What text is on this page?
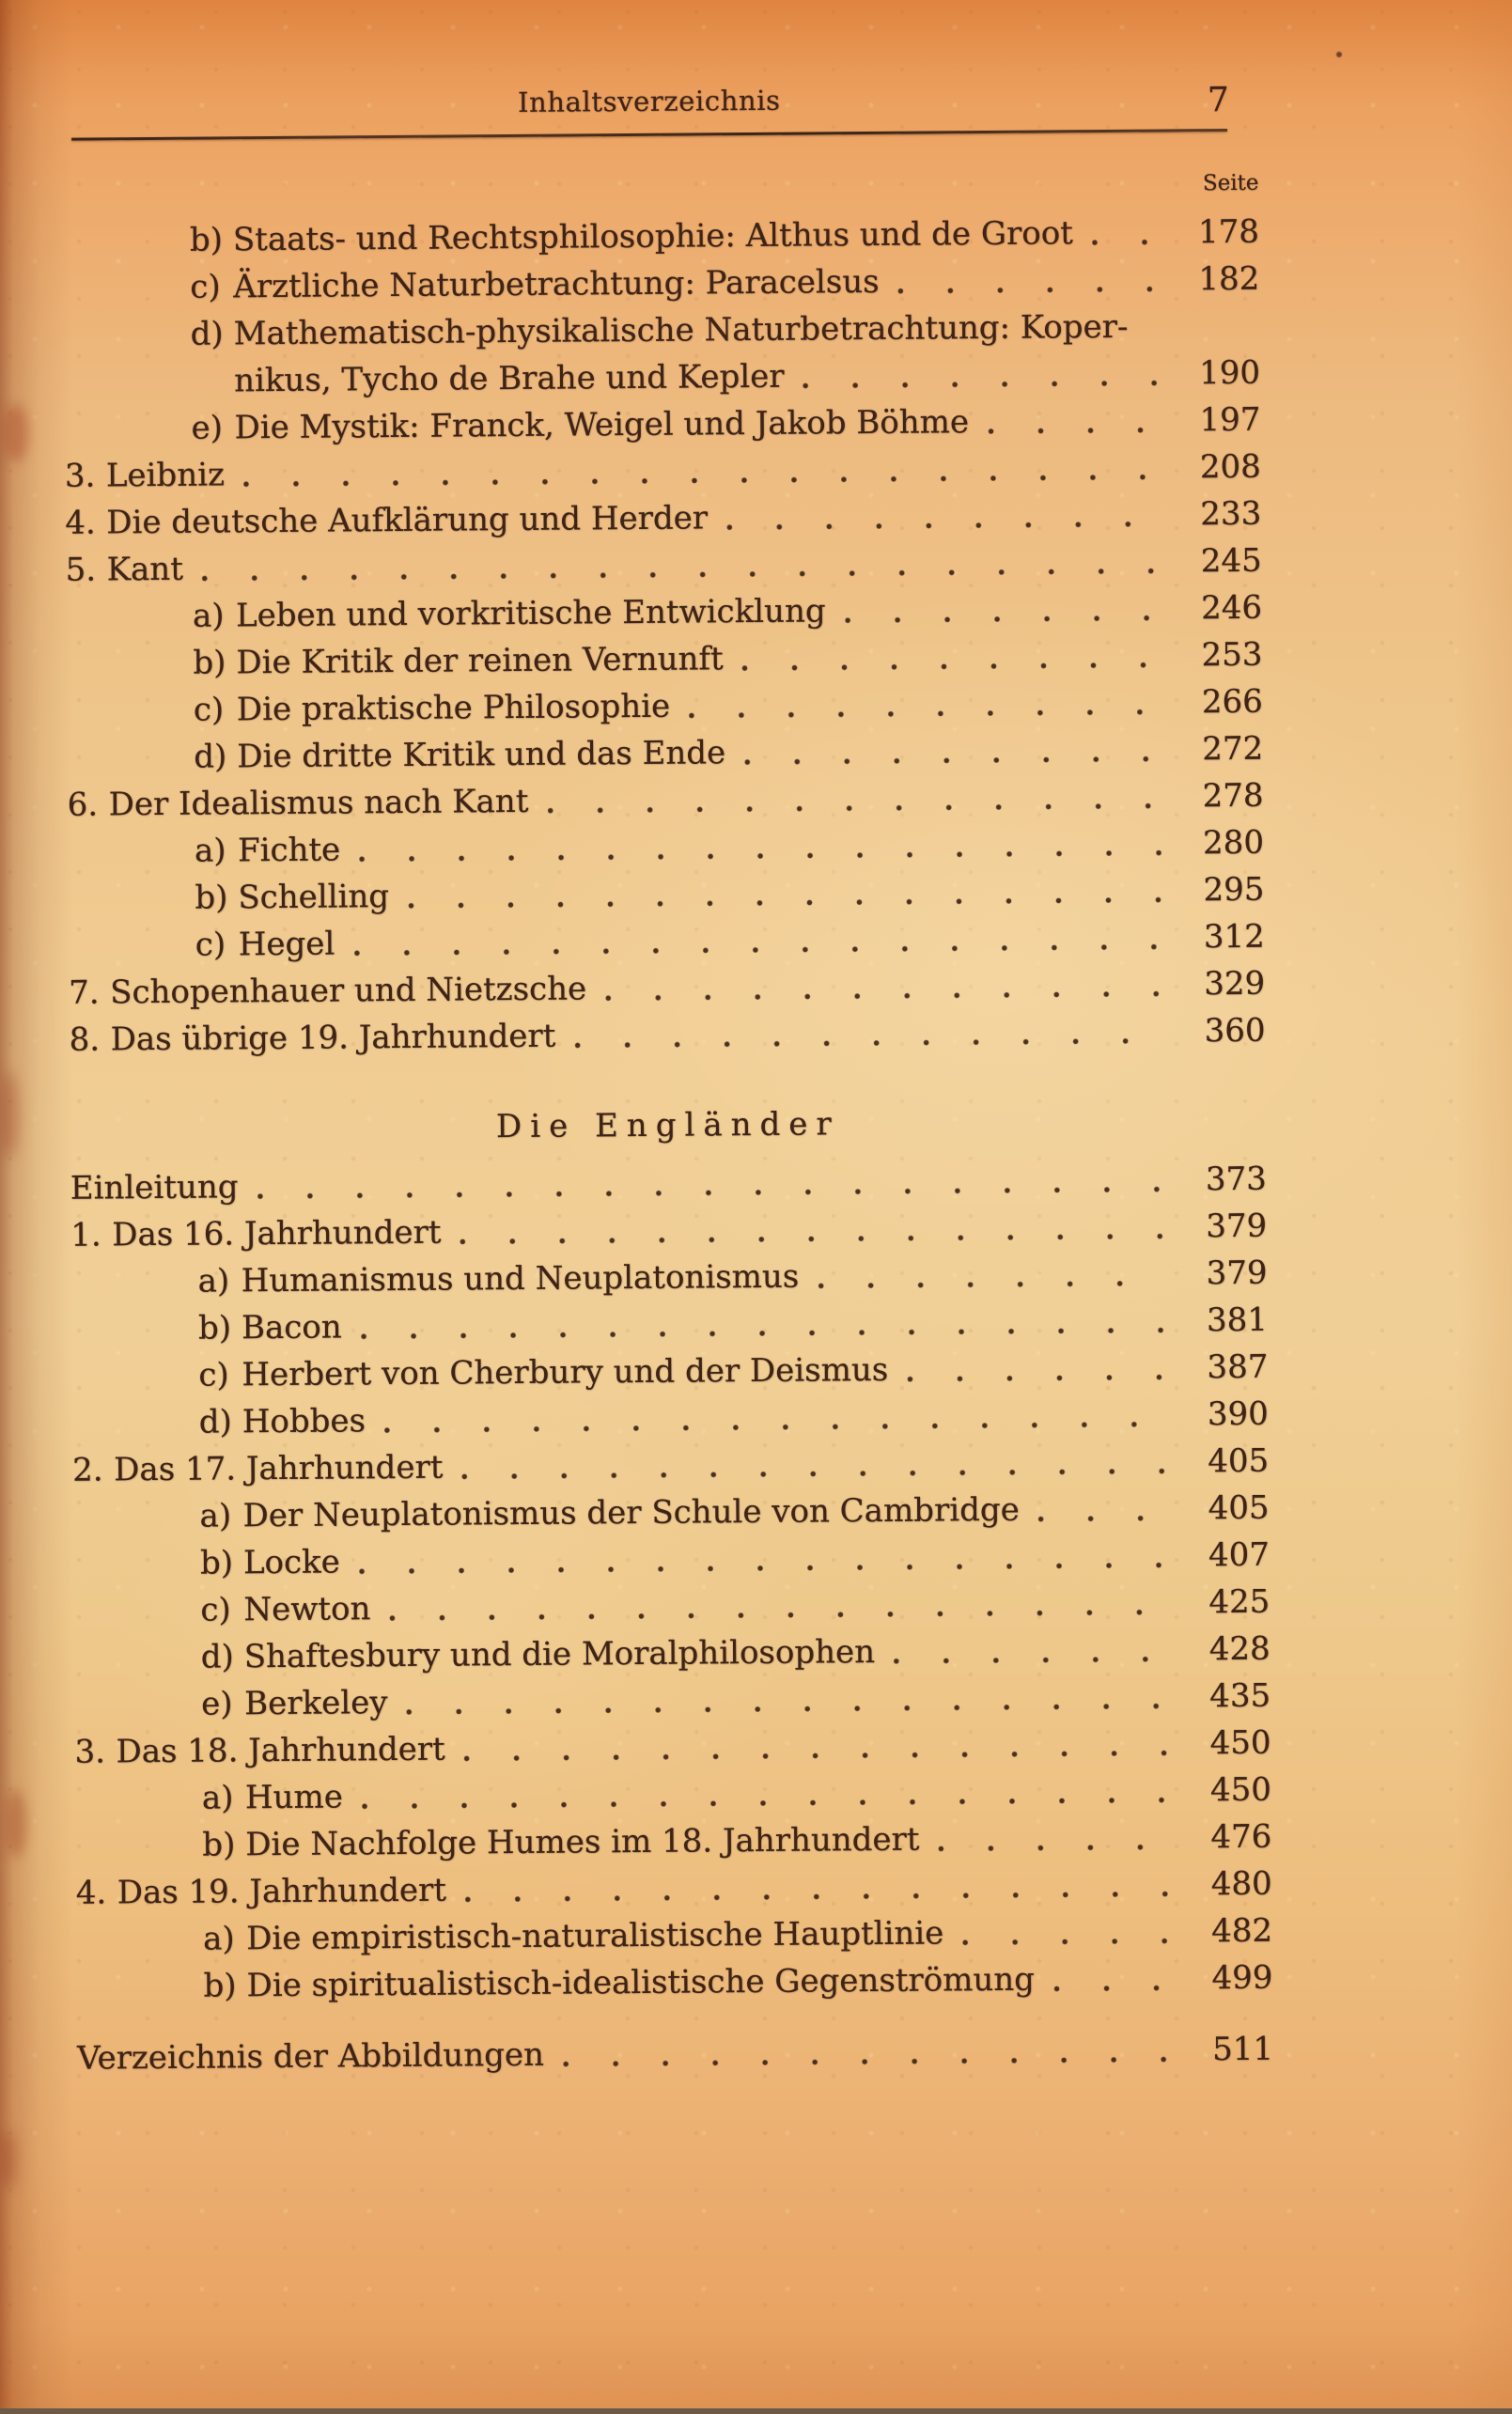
Inhaltsverzeichnis	7
Seite
b) Staats- und Rechtsphilosophie: Althus und de Groot	178
c) Ärztliche Naturbetrachtung: Paracelsus	182
d) Mathematisch-physikalische Naturbetrachtung: Koper-
nikus, Tycho de Brahe und Kepler	190
e) Die Mystik: Franck, Weigel und Jakob Böhme	197
3. Leibniz	208
4. Die deutsche Aufklärung und Herder	233
5. Kant	245
a) Leben und vorkritische Entwicklung	246
b) Die Kritik der reinen Vernunft	253
c) Die praktische Philosophie	266
d) Die dritte Kritik und das Ende	272
6. Der Idealismus nach Kant	278
a) Fichte	280
b) Schelling	295
c) Hegel	312
7. Schopenhauer und Nietzsche	329
8. Das übrige 19. Jahrhundert	360
Die Engländer
Einleitung	373
1. Das 16. Jahrhundert	379
a) Humanismus und Neuplatonismus	379
b) Bacon	381
c) Herbert von Cherbury und der Deismus	387
d) Hobbes	390
2. Das 17. Jahrhundert	405
a) Der Neuplatonismus der Schule von Cambridge	405
b) Locke	407
c) Newton	425
d) Shaftesbury und die Moralphilosophen	428
e) Berkeley	435
3. Das 18. Jahrhundert	450
a) Hume	450
b) Die Nachfolge Humes im 18. Jahrhundert	476
4. Das 19. Jahrhundert	480
a) Die empiristisch-naturalistische Hauptlinie	482
b) Die spiritualistisch-idealistische Gegenströmung	499
Verzeichnis der Abbildungen	511
